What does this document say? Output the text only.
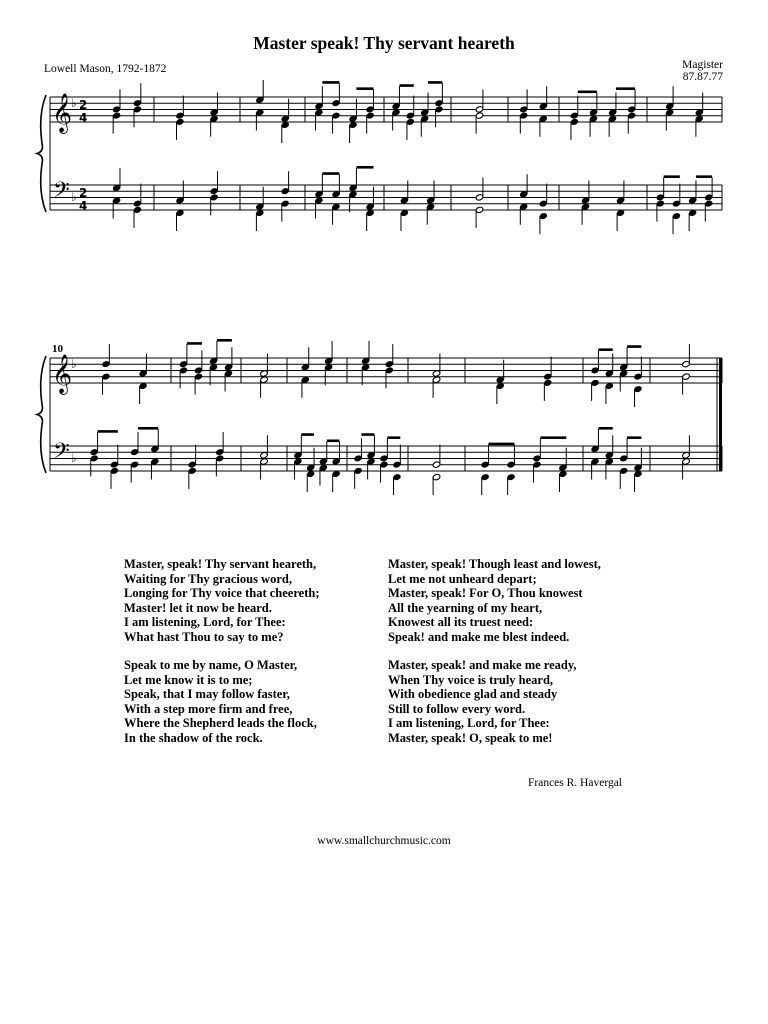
Master speak! Thy servant heareth
Lowell Mason, 1792-1872	Magister
87.87.77
𝄞
𝄢
♭
♭
2
4
2
4
𝄞
𝄢
♭
♭
10
Master, speak! Thy servant heareth,
Waiting for Thy gracious word,
Longing for Thy voice that cheereth;
Master! let it now be heard.
I am listening, Lord, for Thee:
What hast Thou to say to me?
Speak to me by name, O Master,
Let me know it is to me;
Speak, that I may follow faster,
With a step more firm and free,
Where the Shepherd leads the flock,
In the shadow of the rock.
Master, speak! Though least and lowest,
Let me not unheard depart;
Master, speak! For O, Thou knowest
All the yearning of my heart,
Knowest all its truest need:
Speak! and make me blest indeed.
Master, speak! and make me ready,
When Thy voice is truly heard,
With obedience glad and steady
Still to follow every word.
I am listening, Lord, for Thee:
Master, speak! O, speak to me!
Frances R. Havergal
www.smallchurchmusic.com
